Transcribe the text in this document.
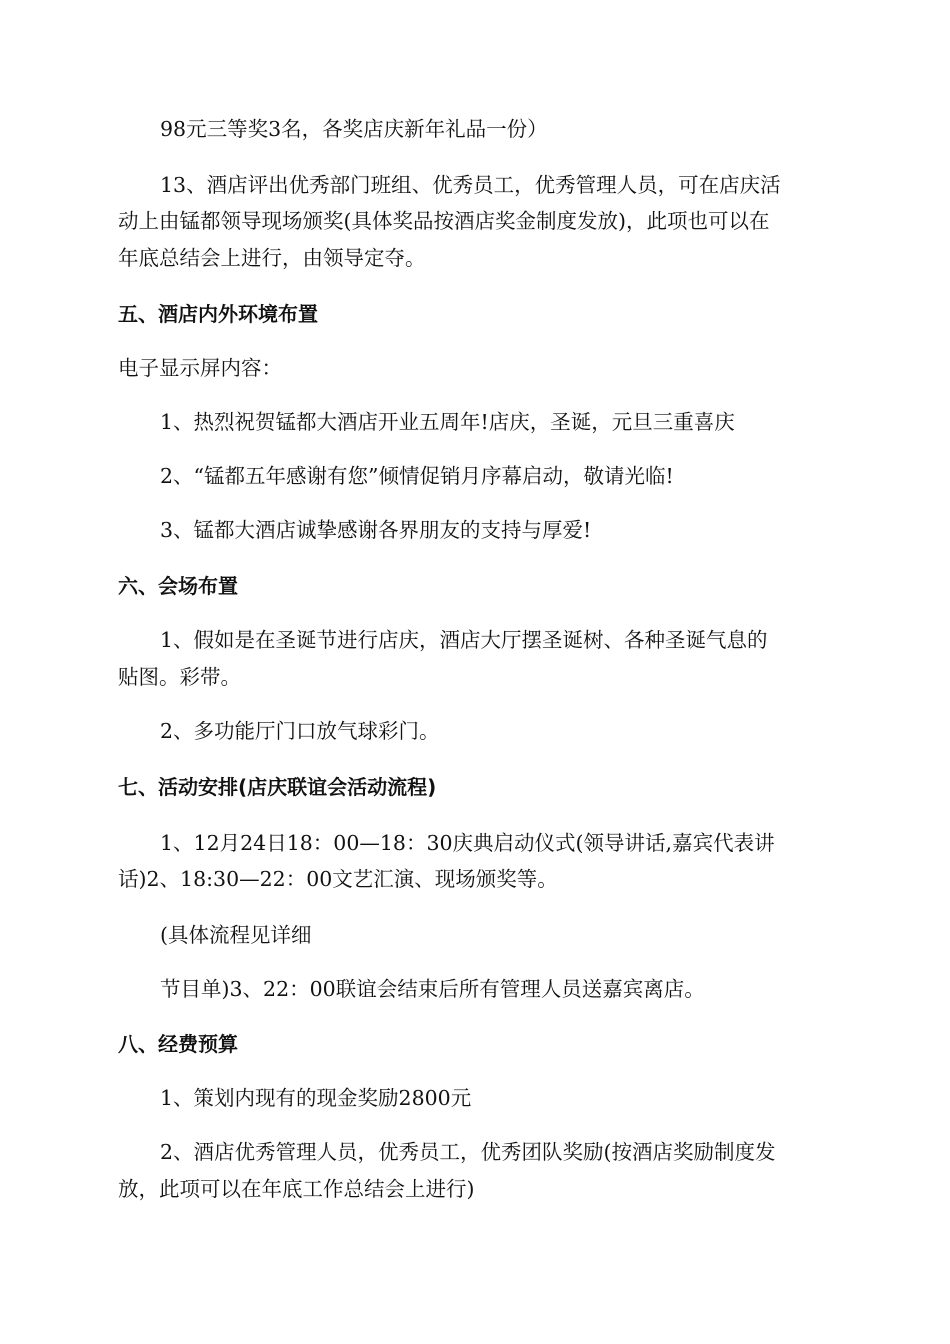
98元三等奖3名，各奖店庆新年礼品一份）
13、酒店评出优秀部门班组、优秀员工，优秀管理人员，可在店庆活
动上由锰都领导现场颁奖(具体奖品按酒店奖金制度发放)，此项也可以在
年底总结会上进行，由领导定夺。
五、酒店内外环境布置
电子显示屏内容：
1、热烈祝贺锰都大酒店开业五周年!店庆，圣诞，元旦三重喜庆
2、“锰都五年感谢有您”倾情促销月序幕启动，敬请光临!
3、锰都大酒店诚挚感谢各界朋友的支持与厚爱!
六、会场布置
1、假如是在圣诞节进行店庆，酒店大厅摆圣诞树、各种圣诞气息的
贴图。彩带。
2、多功能厅门口放气球彩门。
七、活动安排(店庆联谊会活动流程)
1、12月24日18：00—18：30庆典启动仪式(领导讲话,嘉宾代表讲
话)2、18:30—22：00文艺汇演、现场颁奖等。
(具体流程见详细
节目单)3、22：00联谊会结束后所有管理人员送嘉宾离店。
八、经费预算
1、策划内现有的现金奖励2800元
2、酒店优秀管理人员，优秀员工，优秀团队奖励(按酒店奖励制度发
放，此项可以在年底工作总结会上进行)
